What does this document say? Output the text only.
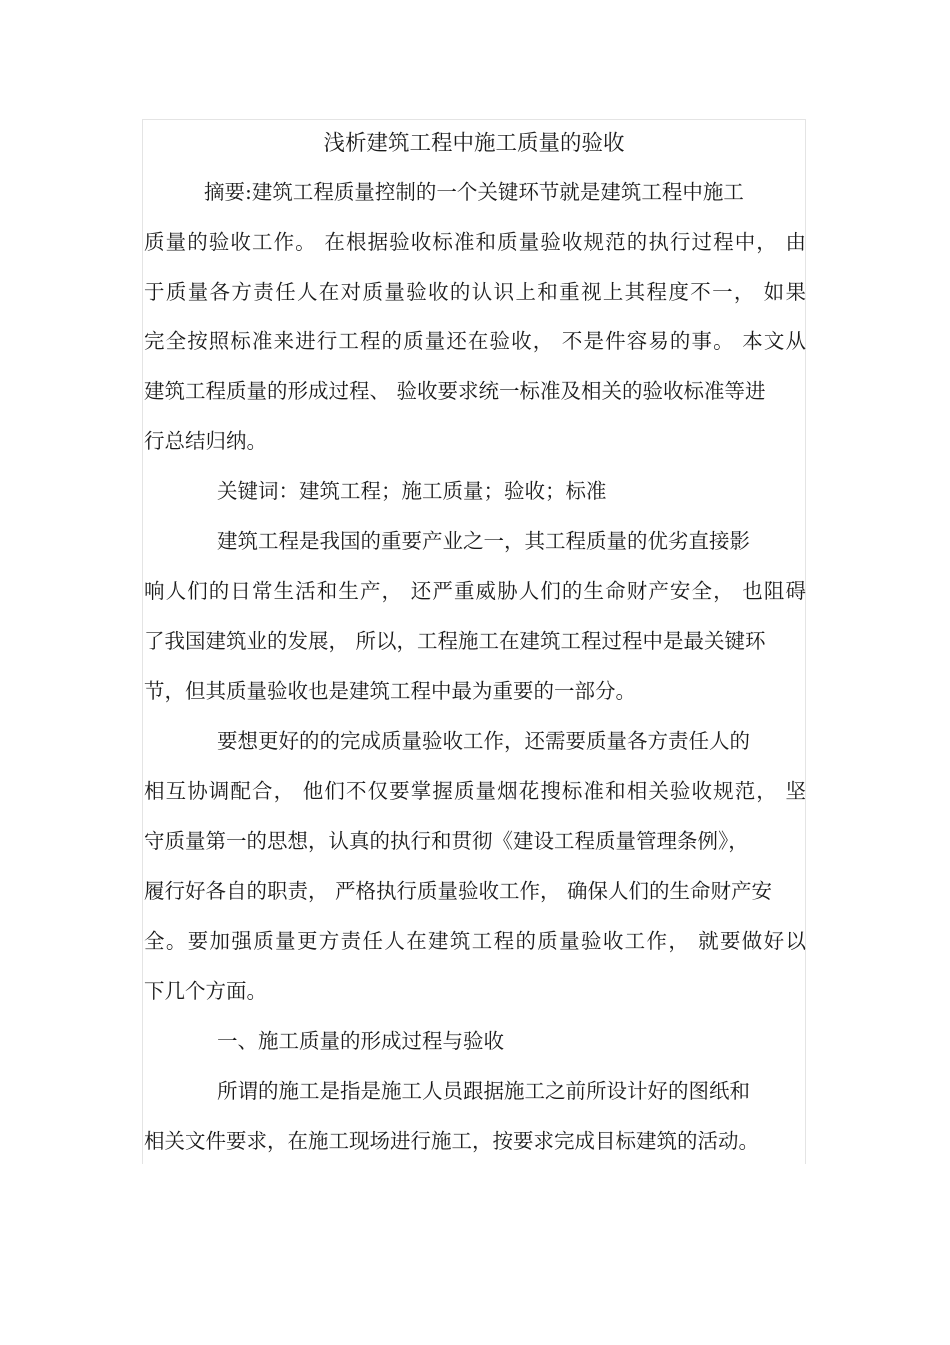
浅析建筑工程中施工质量的验收
摘要:建筑工程质量控制的一个关键环节就是建筑工程中施工
质量的验收工作。 在根据验收标准和质量验收规范的执行过程中， 由
于质量各方责任人在对质量验收的认识上和重视上其程度不一， 如果
完全按照标准来进行工程的质量还在验收， 不是件容易的事。 本文从
建筑工程质量的形成过程、 验收要求统一标准及相关的验收标准等进
行总结归纳。
关键词：建筑工程；施工质量；验收；标准
建筑工程是我国的重要产业之一，其工程质量的优劣直接影
响人们的日常生活和生产， 还严重威胁人们的生命财产安全， 也阻碍
了我国建筑业的发展， 所以，工程施工在建筑工程过程中是最关键环
节，但其质量验收也是建筑工程中最为重要的一部分。
要想更好的的完成质量验收工作，还需要质量各方责任人的
相互协调配合， 他们不仅要掌握质量烟花搜标准和相关验收规范， 坚
守质量第一的思想，认真的执行和贯彻《建设工程质量管理条例》，
履行好各自的职责， 严格执行质量验收工作， 确保人们的生命财产安
全。要加强质量更方责任人在建筑工程的质量验收工作， 就要做好以
下几个方面。
一、施工质量的形成过程与验收
所谓的施工是指是施工人员跟据施工之前所设计好的图纸和
相关文件要求，在施工现场进行施工，按要求完成目标建筑的活动。
